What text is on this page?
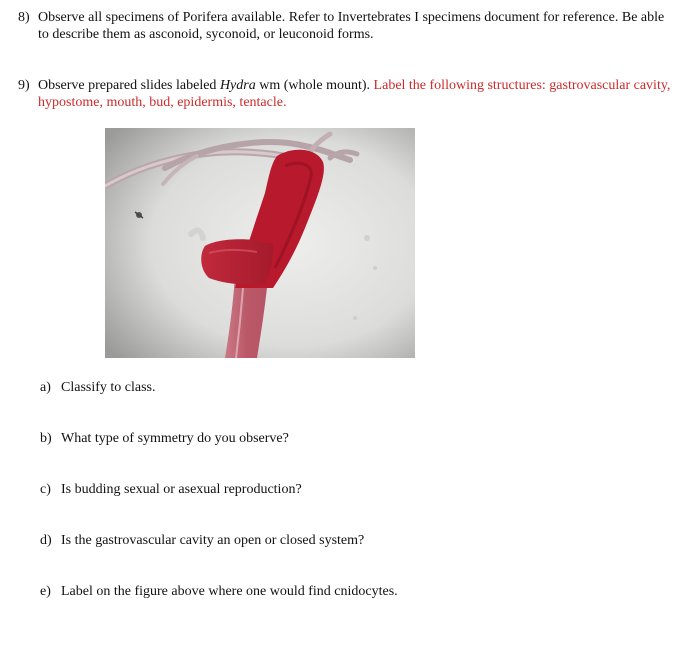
8) Observe all specimens of Porifera available. Refer to Invertebrates I specimens document for reference. Be able to describe them as asconoid, syconoid, or leuconoid forms.
9) Observe prepared slides labeled Hydra wm (whole mount). Label the following structures: gastrovascular cavity, hypostome, mouth, bud, epidermis, tentacle.
a) Classify to class.
b) What type of symmetry do you observe?
c) Is budding sexual or asexual reproduction?
d) Is the gastrovascular cavity an open or closed system?
e) Label on the figure above where one would find cnidocytes.
